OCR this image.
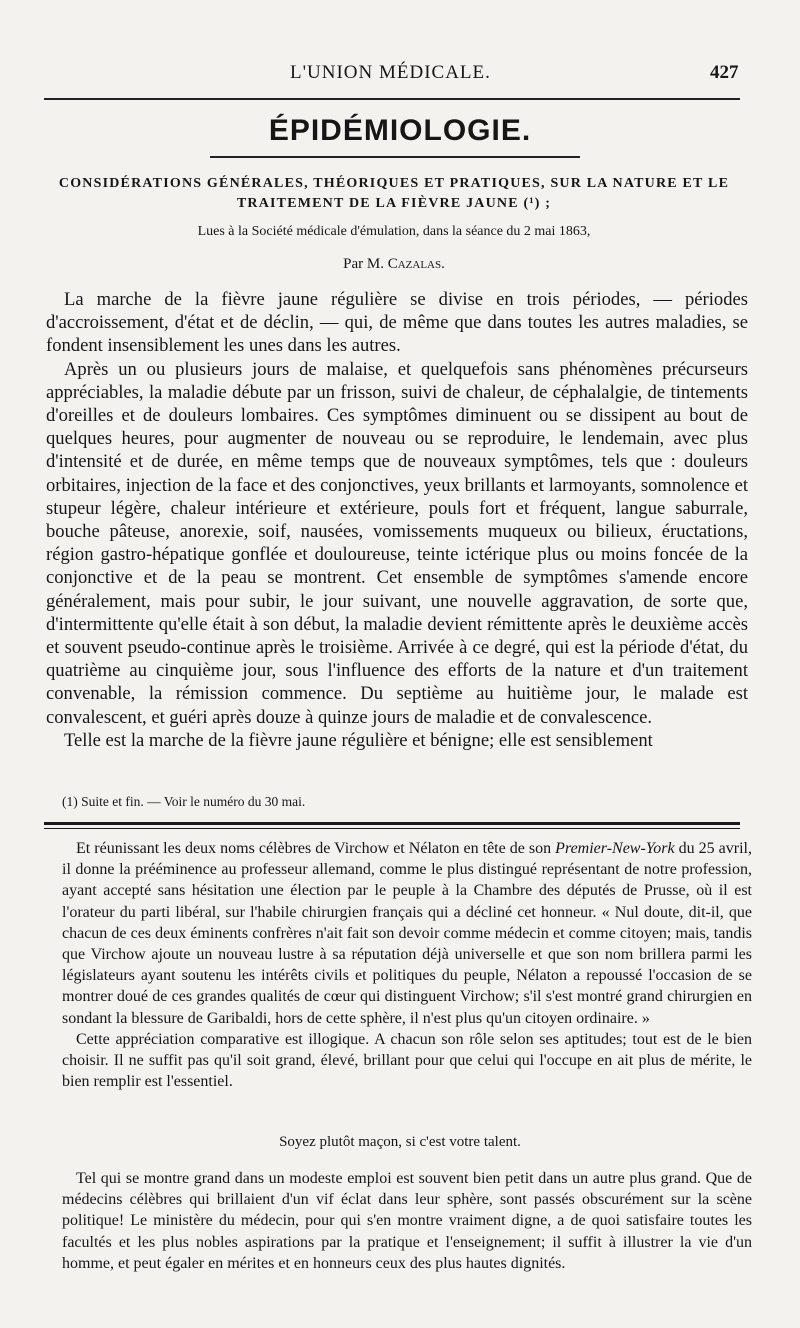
L'UNION MÉDICALE.	427
ÉPIDÉMIOLOGIE.
CONSIDÉRATIONS GÉNÉRALES, THÉORIQUES ET PRATIQUES, SUR LA NATURE ET LE
TRAITEMENT DE LA FIÈVRE JAUNE (¹) ;
Lues à la Société médicale d'émulation, dans la séance du 2 mai 1863,
Par M. Cazalas.

La marche de la fièvre jaune régulière se divise en trois périodes, — périodes d'accroissement, d'état et de déclin, — qui, de même que dans toutes les autres maladies, se fondent insensiblement les unes dans les autres.

Après un ou plusieurs jours de malaise, et quelquefois sans phénomènes précurseurs appréciables, la maladie débute par un frisson, suivi de chaleur, de céphalalgie, de tintements d'oreilles et de douleurs lombaires. Ces symptômes diminuent ou se dissipent au bout de quelques heures, pour augmenter de nouveau ou se reproduire, le lendemain, avec plus d'intensité et de durée, en même temps que de nouveaux symptômes, tels que : douleurs orbitaires, injection de la face et des conjonctives, yeux brillants et larmoyants, somnolence et stupeur légère, chaleur intérieure et extérieure, pouls fort et fréquent, langue saburrale, bouche pâteuse, anorexie, soif, nausées, vomissements muqueux ou bilieux, éructations, région gastro-hépatique gonflée et douloureuse, teinte ictérique plus ou moins foncée de la conjonctive et de la peau se montrent. Cet ensemble de symptômes s'amende encore généralement, mais pour subir, le jour suivant, une nouvelle aggravation, de sorte que, d'intermittente qu'elle était à son début, la maladie devient rémittente après le deuxième accès et souvent pseudo-continue après le troisième. Arrivée à ce degré, qui est la période d'état, du quatrième au cinquième jour, sous l'influence des efforts de la nature et d'un traitement convenable, la rémission commence. Du septième au huitième jour, le malade est convalescent, et guéri après douze à quinze jours de maladie et de convalescence.

Telle est la marche de la fièvre jaune régulière et bénigne; elle est sensiblement

(1) Suite et fin. — Voir le numéro du 30 mai.

Et réunissant les deux noms célèbres de Virchow et Nélaton en tête de son Premier-New-York du 25 avril, il donne la prééminence au professeur allemand, comme le plus distingué représentant de notre profession, ayant accepté sans hésitation une élection par le peuple à la Chambre des députés de Prusse, où il est l'orateur du parti libéral, sur l'habile chirurgien français qui a décliné cet honneur. « Nul doute, dit-il, que chacun de ces deux éminents confrères n'ait fait son devoir comme médecin et comme citoyen; mais, tandis que Virchow ajoute un nouveau lustre à sa réputation déjà universelle et que son nom brillera parmi les législateurs ayant soutenu les intérêts civils et politiques du peuple, Nélaton a repoussé l'occasion de se montrer doué de ces grandes qualités de cœur qui distinguent Virchow; s'il s'est montré grand chirurgien en sondant la blessure de Garibaldi, hors de cette sphère, il n'est plus qu'un citoyen ordinaire. »

Cette appréciation comparative est illogique. A chacun son rôle selon ses aptitudes; tout est de le bien choisir. Il ne suffit pas qu'il soit grand, élevé, brillant pour que celui qui l'occupe en ait plus de mérite, le bien remplir est l'essentiel.

Soyez plutôt maçon, si c'est votre talent.

Tel qui se montre grand dans un modeste emploi est souvent bien petit dans un autre plus grand. Que de médecins célèbres qui brillaient d'un vif éclat dans leur sphère, sont passés obscurément sur la scène politique! Le ministère du médecin, pour qui s'en montre vraiment digne, a de quoi satisfaire toutes les facultés et les plus nobles aspirations par la pratique et l'enseignement; il suffit à illustrer la vie d'un homme, et peut égaler en mérites et en honneurs ceux des plus hautes dignités.
